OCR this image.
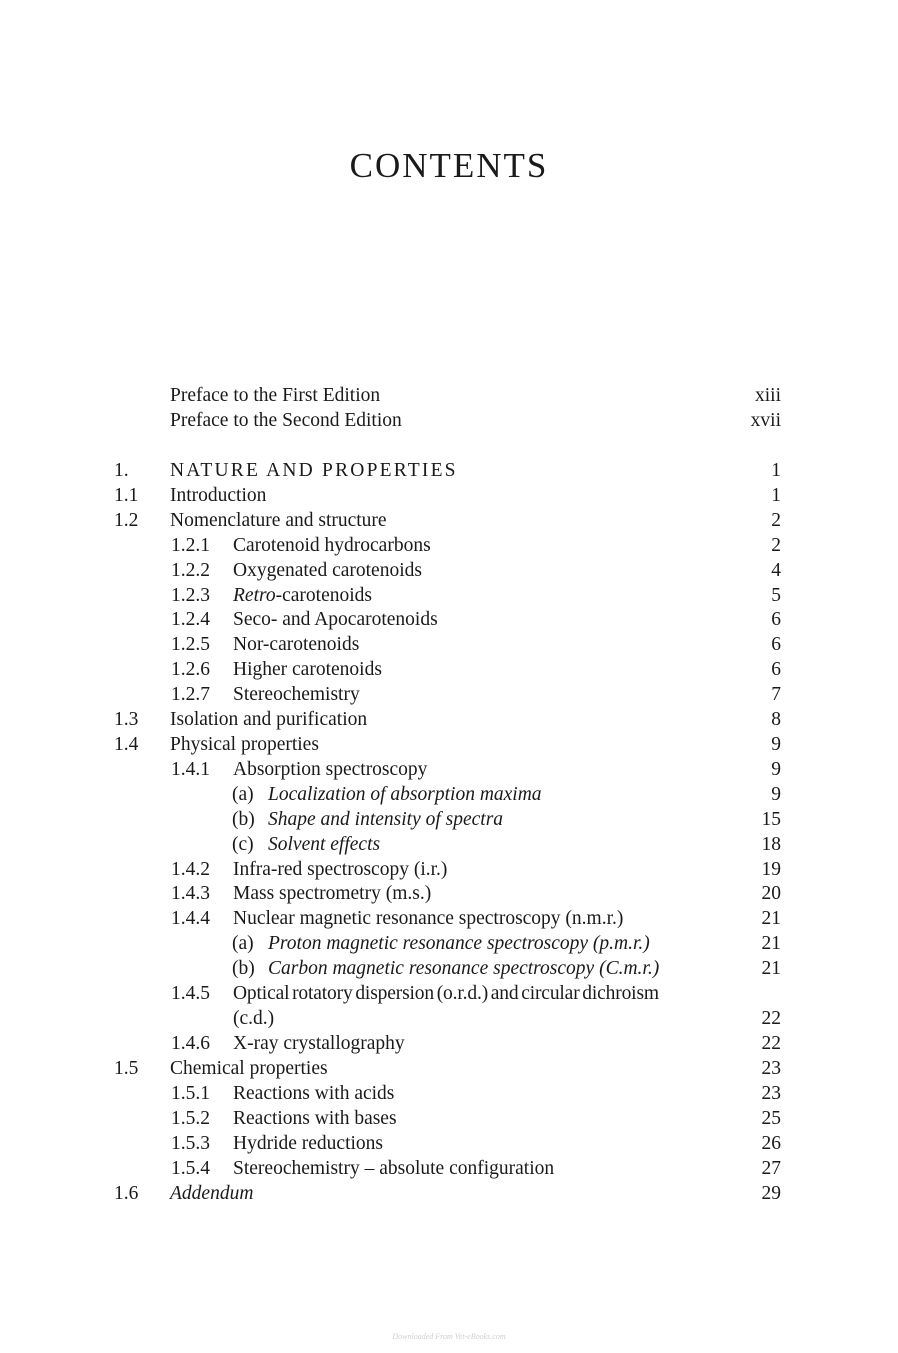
CONTENTS
Preface to the First Edition	xiii
Preface to the Second Edition	xvii
1. NATURE AND PROPERTIES	1
1.1 Introduction	1
1.2 Nomenclature and structure	2
1.2.1 Carotenoid hydrocarbons	2
1.2.2 Oxygenated carotenoids	4
1.2.3 Retro-carotenoids	5
1.2.4 Seco- and Apocarotenoids	6
1.2.5 Nor-carotenoids	6
1.2.6 Higher carotenoids	6
1.2.7 Stereochemistry	7
1.3 Isolation and purification	8
1.4 Physical properties	9
1.4.1 Absorption spectroscopy	9
(a) Localization of absorption maxima	9
(b) Shape and intensity of spectra	15
(c) Solvent effects	18
1.4.2 Infra-red spectroscopy (i.r.)	19
1.4.3 Mass spectrometry (m.s.)	20
1.4.4 Nuclear magnetic resonance spectroscopy (n.m.r.)	21
(a) Proton magnetic resonance spectroscopy (p.m.r.)	21
(b) Carbon magnetic resonance spectroscopy (C.m.r.)	21
1.4.5 Optical rotatory dispersion (o.r.d.) and circular dichroism
(c.d.)	22
1.4.6 X-ray crystallography	22
1.5 Chemical properties	23
1.5.1 Reactions with acids	23
1.5.2 Reactions with bases	25
1.5.3 Hydride reductions	26
1.5.4 Stereochemistry – absolute configuration	27
1.6 Addendum	29
Downloaded From Vet-eBooks.com
